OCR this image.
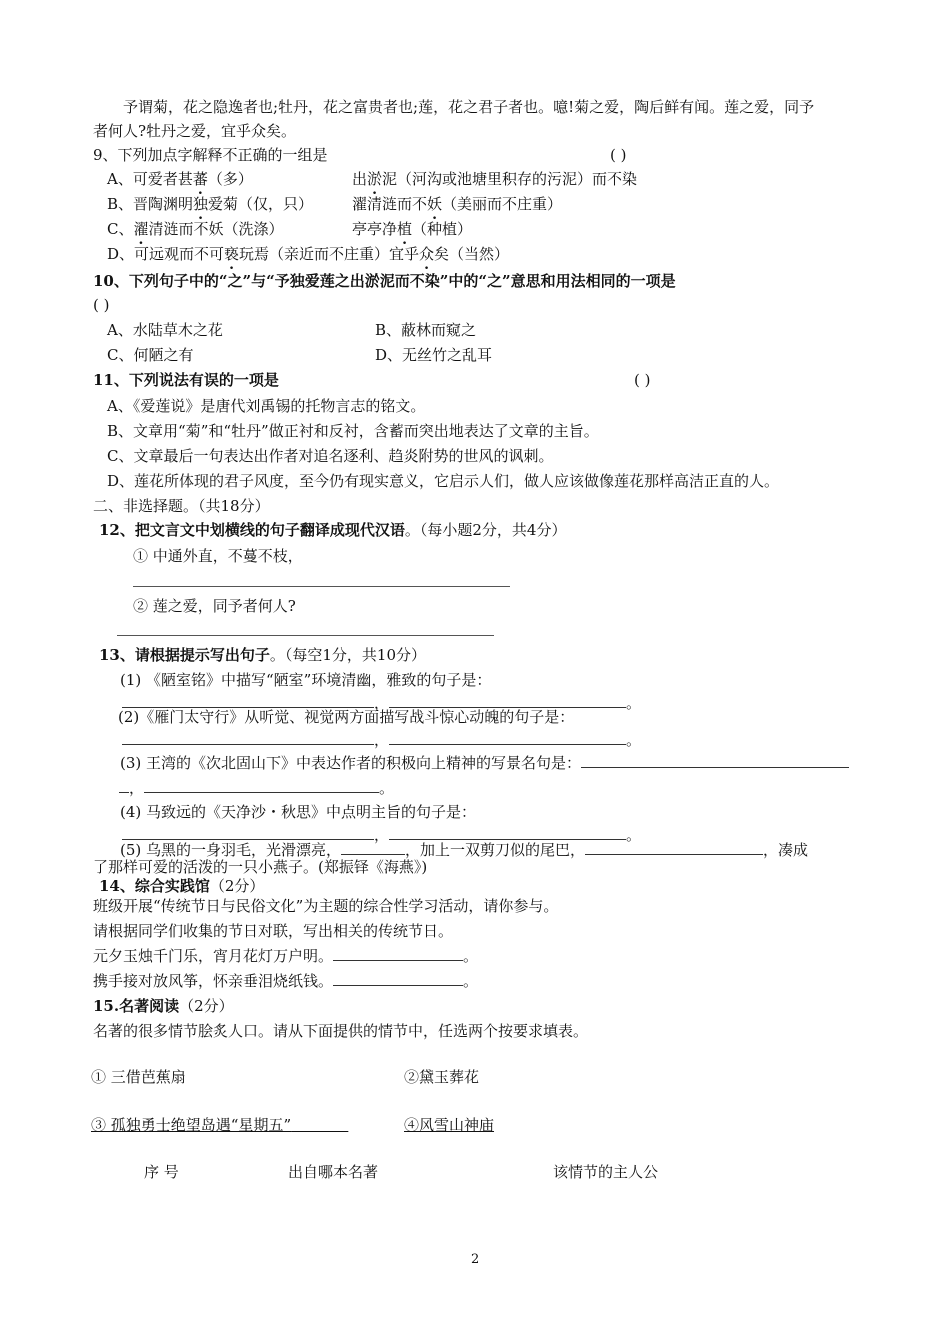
予谓菊，花之隐逸者也;牡丹，花之富贵者也;莲，花之君子者也。噫!菊之爱，陶后鲜有闻。莲之爱，同予
者何人?牡丹之爱，宜乎众矣。
9、下列加点字解释不正确的一组是	( )
A、可爱者甚蕃（多）	出淤泥（河沟或池塘里积存的污泥）而不染
B、晋陶渊明独爱菊（仅，只）	濯清涟而不妖（美丽而不庄重）
C、濯清涟而不妖（洗涤）	亭亭净植（种植）
D、可远观而不可亵玩焉（亲近而不庄重） 宜乎众矣（当然）
10、下列句子中的“之”与“予独爱莲之出淤泥而不染”中的“之”意思和用法相同的一项是
( )
A、水陆草木之花	B、蔽林而窥之
C、何陋之有	D、无丝竹之乱耳
11、下列说法有误的一项是	( )
A、《爱莲说》是唐代刘禹锡的托物言志的铭文。
B、文章用“菊”和“牡丹”做正衬和反衬，含蓄而突出地表达了文章的主旨。
C、文章最后一句表达出作者对追名逐利、趋炎附势的世风的讽刺。
D、莲花所体现的君子风度，至今仍有现实意义，它启示人们，做人应该做像莲花那样高洁正直的人。
二、非选择题。（共18分）
12、把文言文中划横线的句子翻译成现代汉语。（每小题2分，共4分）
① 中通外直，不蔓不枝，
② 莲之爱，同予者何人?
13、请根据提示写出句子。（每空1分，共10分）
(1) 《陋室铭》中描写“陋室”环境清幽，雅致的句子是：
，	。
(2)《雁门太守行》从听觉、视觉两方面描写战斗惊心动魄的句子是：
，	。
(3) 王湾的《次北固山下》中表达作者的积极向上精神的写景名句是：
，	。
(4) 马致远的《天净沙・秋思》中点明主旨的句子是：
，	。
(5) 乌黑的一身羽毛，光滑漂亮，	，加上一双剪刀似的尾巴，	，凑成
了那样可爱的活泼的一只小燕子。(郑振铎《海燕》)
14、综合实践馆（2分）
班级开展“传统节日与民俗文化”为主题的综合性学习活动，请你参与。
请根据同学们收集的节日对联，写出相关的传统节日。
元夕玉烛千门乐，宵月花灯万户明。	。
携手接对放风筝，怀亲垂泪烧纸钱。	。
15.名著阅读（2分）
名著的很多情节脍炙人口。请从下面提供的情节中，任选两个按要求填表。
① 三借芭蕉扇	②黛玉葬花
③ 孤独勇士绝望岛遇“星期五”	④风雪山神庙
序 号	出自哪本名著	该情节的主人公
2
